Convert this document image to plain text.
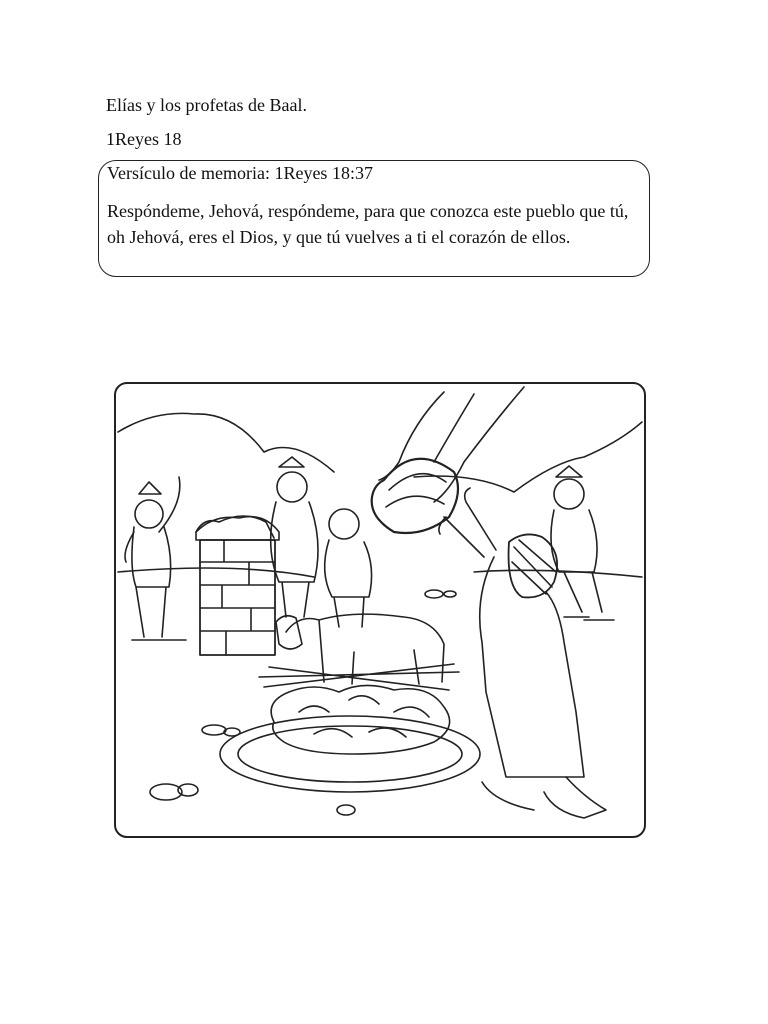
Elías y los profetas de Baal.
1Reyes 18
Versículo de memoria: 1Reyes 18:37
Respóndeme, Jehová, respóndeme, para que conozca este pueblo que tú, oh Jehová, eres el Dios, y que tú vuelves a ti el corazón de ellos.
